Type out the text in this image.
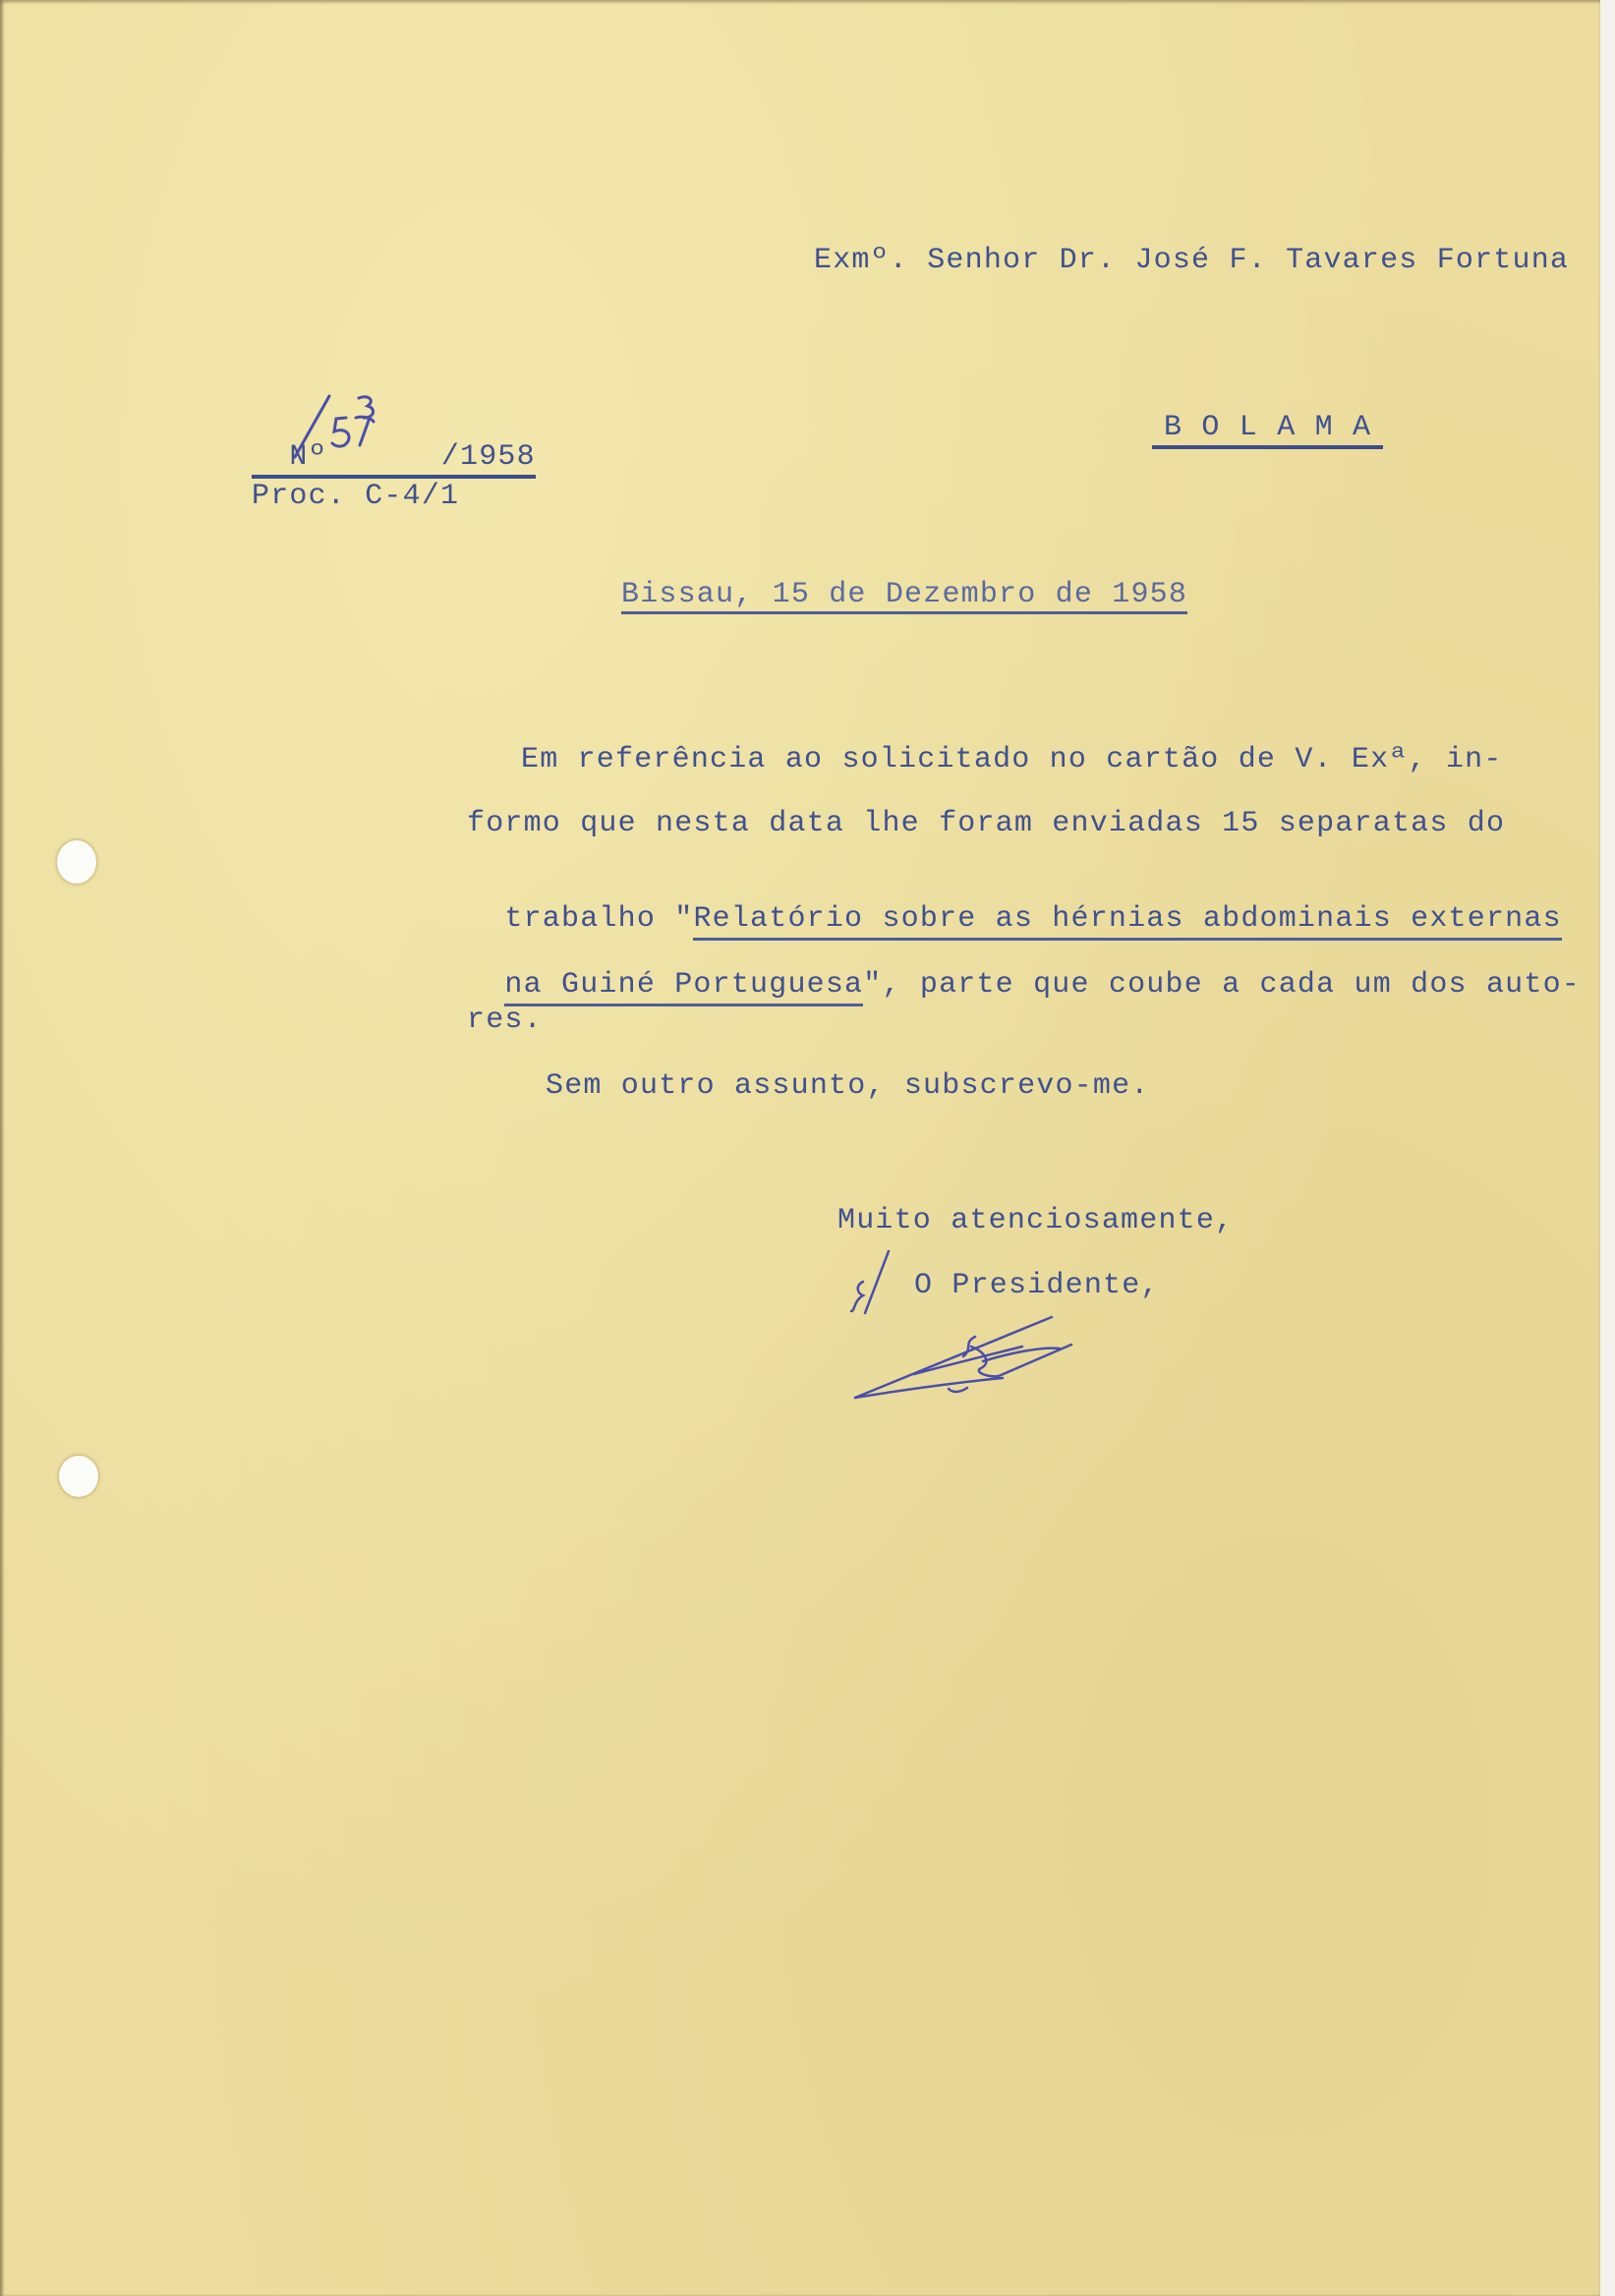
Exmº. Senhor Dr. José F. Tavares Fortuna

Nº	/1958

B O L A M A
Proc. C-4/1
Bissau, 15 de Dezembro de 1958
Em referência ao solicitado no cartão de V. Exª, in-
formo que nesta data lhe foram enviadas 15 separatas do

trabalho "Relatório sobre as hérnias abdominais externas

na Guiné Portuguesa", parte que coube a cada um dos auto-

res.
Sem outro assunto, subscrevo-me.
Muito atenciosamente,
O Presidente,
